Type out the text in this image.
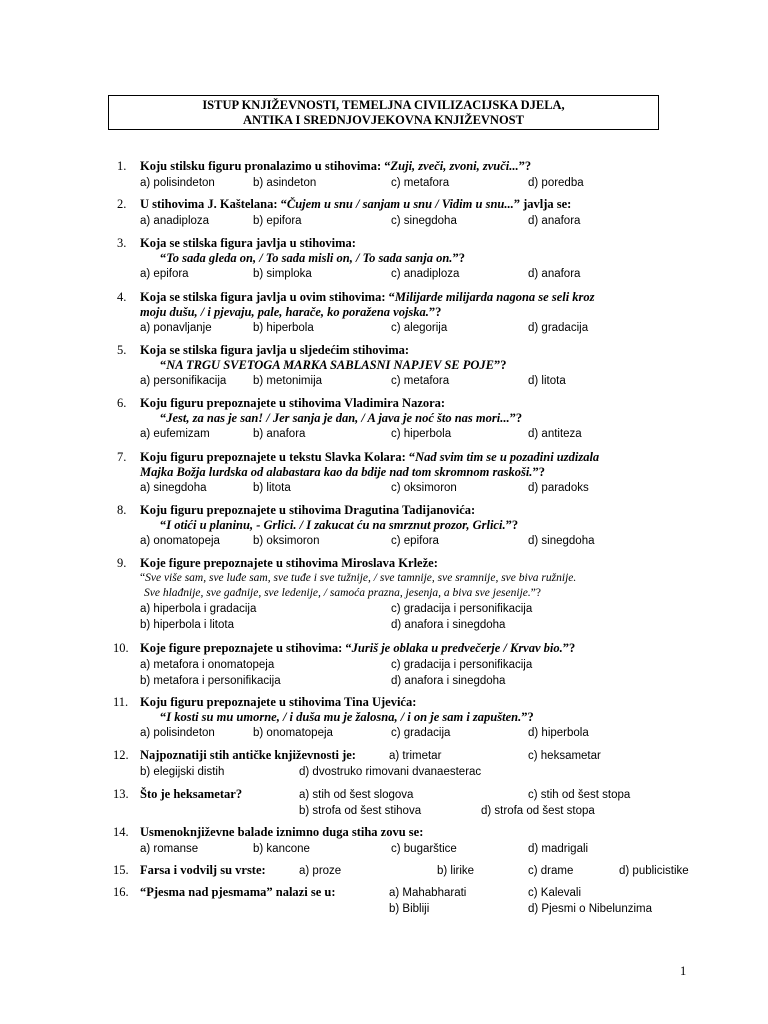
ISTUP KNJIŽEVNOSTI, TEMELJNA CIVILIZACIJSKA DJELA,
ANTIKA I SREDNJOVJEKOVNA KNJIŽEVNOST
1.	Koju stilsku figuru pronalazimo u stihovima: “Zuji, zveči, zvoni, zvuči...”?
a) polisindeton	b) asindeton	c) metafora	d) poredba
2.	U stihovima J. Kaštelana: “Čujem u snu / sanjam u snu / Vidim u snu...” javlja se:
a) anadiploza	b) epifora	c) sinegdoha	d) anafora
3.	Koja se stilska figura javlja u stihovima:
“To sada gleda on, / To sada misli on, / To sada sanja on.”?
a) epifora	b) simploka	c) anadiploza	d) anafora
4.	Koja se stilska figura javlja u ovim stihovima: “Milijarde milijarda nagona se seli kroz
moju dušu, / i pjevaju, pale, harače, ko poražena vojska.”?
a) ponavljanje	b) hiperbola	c) alegorija	d) gradacija
5.	Koja se stilska figura javlja u sljedećim stihovima:
“NA TRGU SVETOGA MARKA SABLASNI NAPJEV SE POJE”?
a) personifikacija b) metonimija	c) metafora	d) litota
6.	Koju figuru prepoznajete u stihovima Vladimira Nazora:
“Jest, za nas je san! / Jer sanja je dan, / A java je noć što nas mori...”?
a) eufemizam	b) anafora	c) hiperbola	d) antiteza
7.	Koju figuru prepoznajete u tekstu Slavka Kolara: “Nad svim tim se u pozadini uzdizala
Majka Božja lurdska od alabastara kao da bdije nad tom skromnom raskoši.”?
a) sinegdoha	b) litota	c) oksimoron	d) paradoks
8.	Koju figuru prepoznajete u stihovima Dragutina Tadijanovića:
“I otići u planinu, - Grlici. / I zakucat ću na smrznut prozor, Grlici.”?
a) onomatopeja	b) oksimoron	c) epifora	d) sinegdoha
9.	Koje figure prepoznajete u stihovima Miroslava Krleže:
“Sve više sam, sve luđe sam, sve tuđe i sve tužnije, / sve tamnije, sve sramnije, sve biva ružnije.
Sve hlađnije, sve gađnije, sve ledenije, / samoća prazna, jesenja, a biva sve jesenije.”?
a) hiperbola i gradacija	c) gradacija i personifikacija
b) hiperbola i litota	d) anafora i sinegdoha
10. Koje figure prepoznajete u stihovima: “Juriš je oblaka u predvečerje / Krvav bio.”?
a) metafora i onomatopeja	c) gradacija i personifikacija
b) metafora i personifikacija	d) anafora i sinegdoha
11. Koju figuru prepoznajete u stihovima Tina Ujevića:
“I kosti su mu umorne, / i duša mu je žalosna, / i on je sam i zapušten.”?
a) polisindeton	b) onomatopeja	c) gradacija	d) hiperbola
12. Najpoznatiji stih antičke književnosti je:	a) trimetar	c) heksametar
b) elegijski distih	d) dvostruko rimovani dvanaesterac
13. Što je heksametar?	a) stih od šest slogova	c) stih od šest stopa
b) strofa od šest stihova	d) strofa od šest stopa
14. Usmenoknjiževne balade iznimno duga stiha zovu se:
a) romanse	b) kancone	c) bugarštice	d) madrigali
15. Farsa i vodvilj su vrste:	a) proze	b) lirike	c) drame	d) publicistike
16. “Pjesma nad pjesmama” nalazi se u:	a) Mahabharati	c) Kalevali
b) Bibliji	d) Pjesmi o Nibelunzima
1
